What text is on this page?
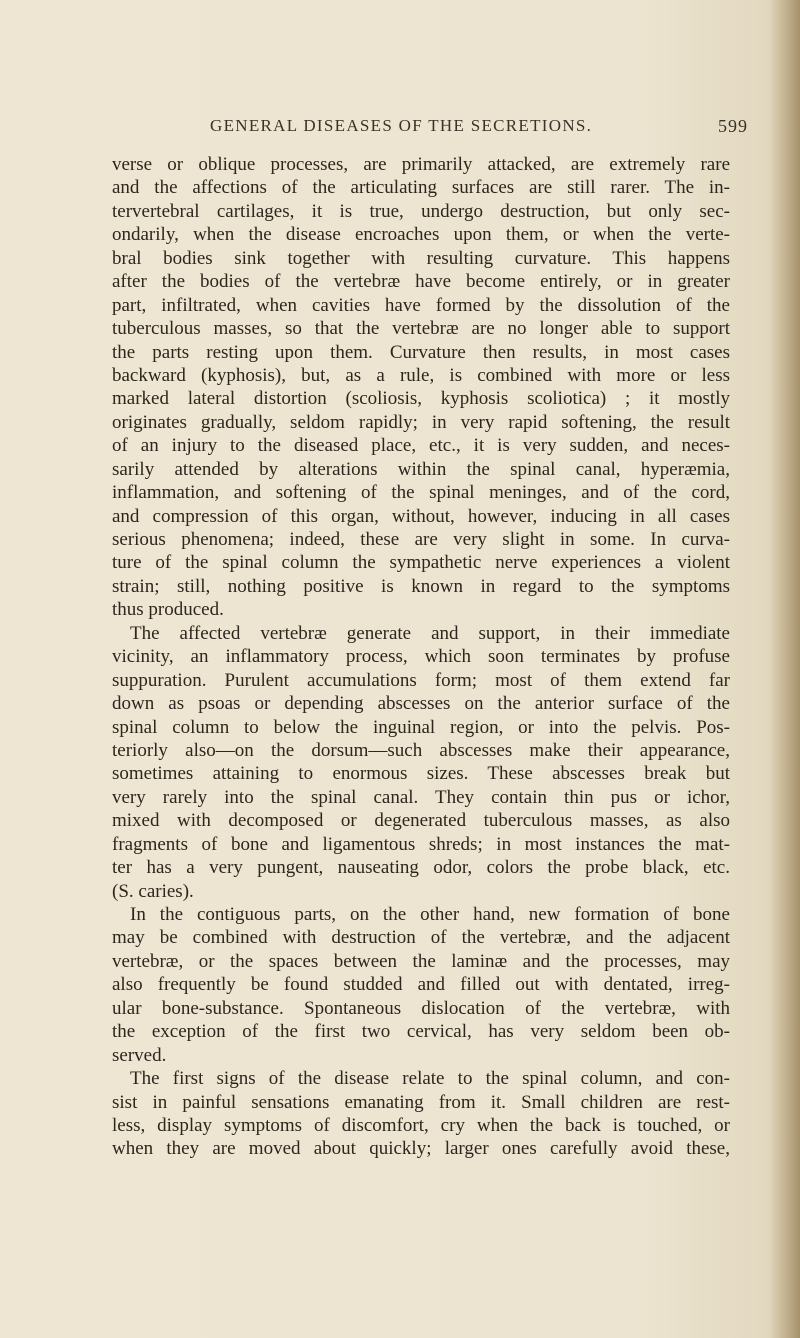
GENERAL DISEASES OF THE SECRETIONS.	599
verse or oblique processes, are primarily attacked, are extremely rare
and the affections of the articulating surfaces are still rarer. The in-
tervertebral cartilages, it is true, undergo destruction, but only sec-
ondarily, when the disease encroaches upon them, or when the verte-
bral bodies sink together with resulting curvature. This happens
after the bodies of the vertebræ have become entirely, or in greater
part, infiltrated, when cavities have formed by the dissolution of the
tuberculous masses, so that the vertebræ are no longer able to support
the parts resting upon them. Curvature then results, in most cases
backward (kyphosis), but, as a rule, is combined with more or less
marked lateral distortion (scoliosis, kyphosis scoliotica) ; it mostly
originates gradually, seldom rapidly; in very rapid softening, the result
of an injury to the diseased place, etc., it is very sudden, and neces-
sarily attended by alterations within the spinal canal, hyperæmia,
inflammation, and softening of the spinal meninges, and of the cord,
and compression of this organ, without, however, inducing in all cases
serious phenomena; indeed, these are very slight in some. In curva-
ture of the spinal column the sympathetic nerve experiences a violent
strain; still, nothing positive is known in regard to the symptoms
thus produced.
The affected vertebræ generate and support, in their immediate
vicinity, an inflammatory process, which soon terminates by profuse
suppuration. Purulent accumulations form; most of them extend far
down as psoas or depending abscesses on the anterior surface of the
spinal column to below the inguinal region, or into the pelvis. Pos-
teriorly also—on the dorsum—such abscesses make their appearance,
sometimes attaining to enormous sizes. These abscesses break but
very rarely into the spinal canal. They contain thin pus or ichor,
mixed with decomposed or degenerated tuberculous masses, as also
fragments of bone and ligamentous shreds; in most instances the mat-
ter has a very pungent, nauseating odor, colors the probe black, etc.
(S. caries).
In the contiguous parts, on the other hand, new formation of bone
may be combined with destruction of the vertebræ, and the adjacent
vertebræ, or the spaces between the laminæ and the processes, may
also frequently be found studded and filled out with dentated, irreg-
ular bone-substance. Spontaneous dislocation of the vertebræ, with
the exception of the first two cervical, has very seldom been ob-
served.
The first signs of the disease relate to the spinal column, and con-
sist in painful sensations emanating from it. Small children are rest-
less, display symptoms of discomfort, cry when the back is touched, or
when they are moved about quickly; larger ones carefully avoid these,
